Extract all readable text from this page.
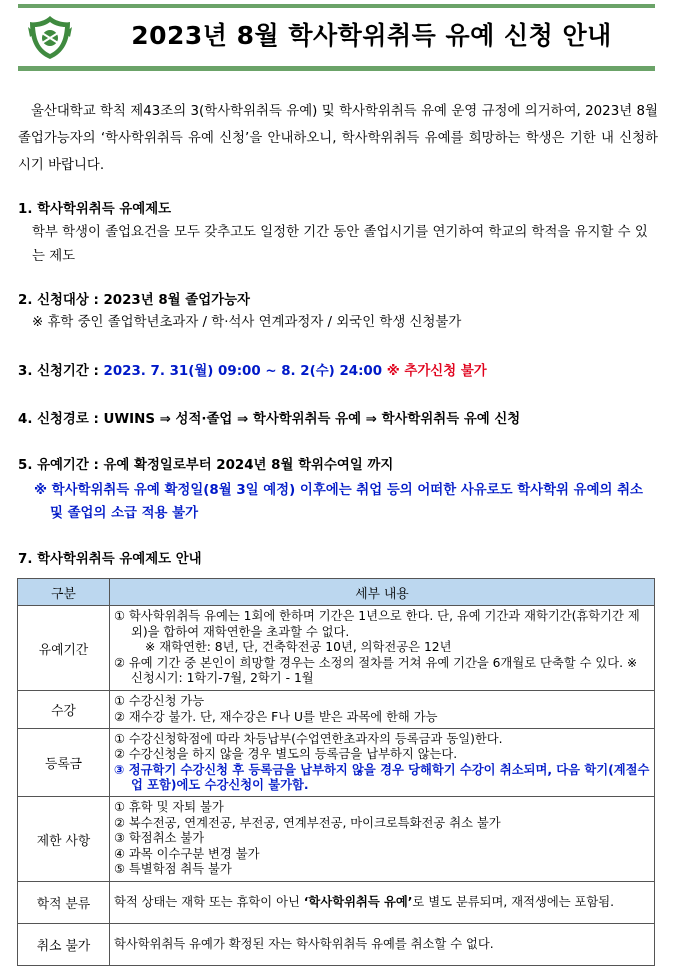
2023년 8월 학사학위취득 유예 신청 안내
울산대학교 학칙 제43조의 3(학사학위취득 유예) 및 학사학위취득 유예 운영 규정에 의거하여, 2023년 8월 졸업가능자의 ‘학사학위취득 유예 신청’을 안내하오니, 학사학위취득 유예를 희망하는 학생은 기한 내 신청하시기 바랍니다.
1. 학사학위취득 유예제도
학부 학생이 졸업요건을 모두 갖추고도 일정한 기간 동안 졸업시기를 연기하여 학교의 학적을 유지할 수 있는 제도
2. 신청대상 : 2023년 8월 졸업가능자
※ 휴학 중인 졸업학년초과자 / 학·석사 연계과정자 / 외국인 학생 신청불가
3. 신청기간 : 2023. 7. 31(월) 09:00 ~ 8. 2(수) 24:00 ※ 추가신청 불가
4. 신청경로 : UWINS ⇒ 성적·졸업 ⇒ 학사학위취득 유예 ⇒ 학사학위취득 유예 신청
5. 유예기간 : 유예 확정일로부터 2024년 8월 학위수여일 까지
※ 학사학위취득 유예 확정일(8월 3일 예정) 이후에는 취업 등의 어떠한 사유로도 학사학위 유예의 취소 및 졸업의 소급 적용 불가
7. 학사학위취득 유예제도 안내
구분	세부 내용
유예기간	① 학사학위취득 유예는 1회에 한하며 기간은 1년으로 한다. 단, 유예 기간과 재학기간(휴학기간 제외)을 합하여 재학연한을 초과할 수 없다.
※ 재학연한: 8년, 단, 건축학전공 10년, 의학전공은 12년
② 유예 기간 중 본인이 희망할 경우는 소정의 절차를 거쳐 유예 기간을 6개월로 단축할 수 있다. ※ 신청시기: 1학기-7월, 2학기 - 1월

수강	① 수강신청 가능
② 재수강 불가. 단, 재수강은 F나 U를 받은 과목에 한해 가능

등록금	① 수강신청학점에 따라 차등납부(수업연한초과자의 등록금과 동일)한다.
② 수강신청을 하지 않을 경우 별도의 등록금을 납부하지 않는다.
③ 정규학기 수강신청 후 등록금을 납부하지 않을 경우 당해학기 수강이 취소되며, 다음 학기(계절수업 포함)에도 수강신청이 불가함.

제한 사항	① 휴학 및 자퇴 불가
② 복수전공, 연계전공, 부전공, 연계부전공, 마이크로특화전공 취소 불가
③ 학점취소 불가
④ 과목 이수구분 변경 불가
⑤ 특별학점 취득 불가

학적 분류	학적 상태는 재학 또는 휴학이 아닌 ‘학사학위취득 유예’로 별도 분류되며, 재적생에는 포함됨.
취소 불가	학사학위취득 유예가 확정된 자는 학사학위취득 유예를 취소할 수 없다.
